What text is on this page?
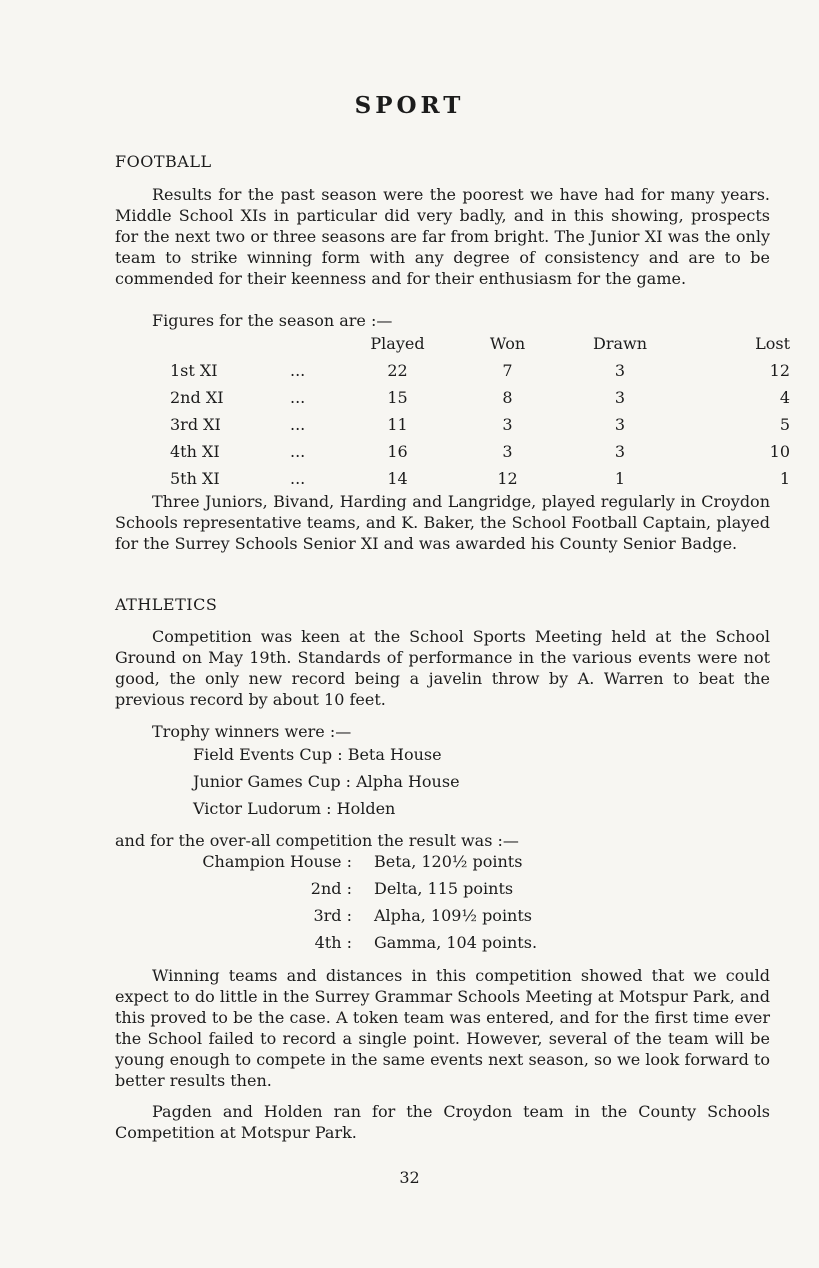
SPORT
FOOTBALL

Results for the past season were the poorest we have had for many years. Middle School XIs in particular did very badly, and in this showing, prospects for the next two or three seasons are far from bright. The Junior XI was the only team to strike winning form with any degree of consistency and are to be commended for their keenness and for their enthusiasm for the game.

Figures for the season are :—
		Played	Won	Drawn	Lost
1st XI	...	22	7	3	12
2nd XI	...	15	8	3	4
3rd XI	...	11	3	3	5
4th XI	...	16	3	3	10
5th XI	...	14	12	1	1

Three Juniors, Bivand, Harding and Langridge, played regularly in Croydon Schools representative teams, and K. Baker, the School Football Captain, played for the Surrey Schools Senior XI and was awarded his County Senior Badge.

ATHLETICS

Competition was keen at the School Sports Meeting held at the School Ground on May 19th. Standards of performance in the various events were not good, the only new record being a javelin throw by A. Warren to beat the previous record by about 10 feet.

Trophy winners were :—
Field Events Cup : Beta House
Junior Games Cup : Alpha House
Victor Ludorum : Holden
and for the over-all competition the result was :—
Champion House : Beta, 120½ points
2nd : Delta, 115 points
3rd : Alpha, 109½ points
4th : Gamma, 104 points.

Winning teams and distances in this competition showed that we could expect to do little in the Surrey Grammar Schools Meeting at Motspur Park, and this proved to be the case. A token team was entered, and for the first time ever the School failed to record a single point. However, several of the team will be young enough to compete in the same events next season, so we look forward to better results then.

Pagden and Holden ran for the Croydon team in the County Schools Competition at Motspur Park.

32
